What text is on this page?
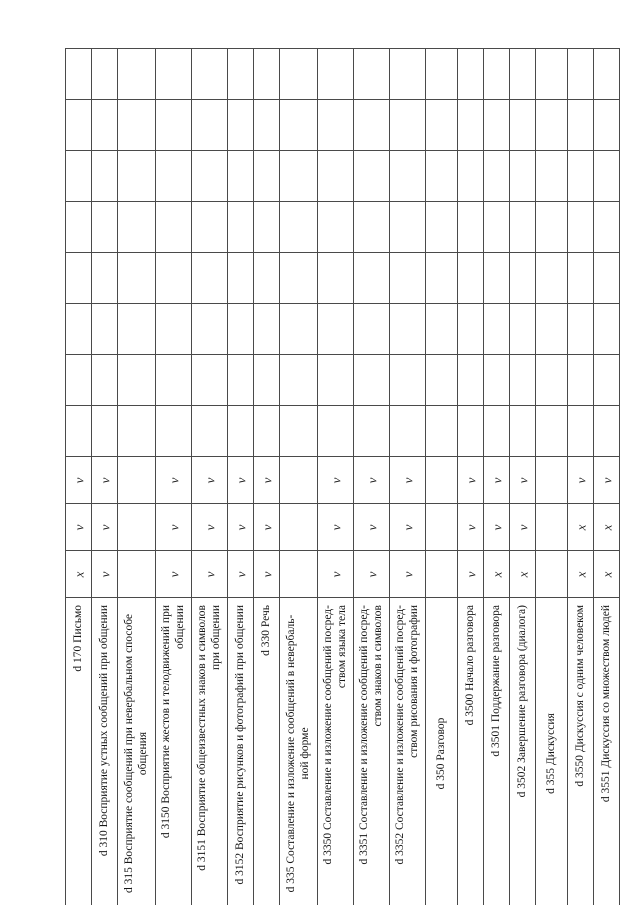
v
v
х
d 170 Письмо
v
v
v
d 310 Восприятие устных сообщений при общении d 315 Восприятие сообщений при невербальном способе общения
v
v
v
d 3150 Восприятие жестов и телодвижений при общении
v
v
v
d 3151 Восприятие общеизвестных знаков и символов при общении
v
v
v
d 3152 Восприятие рисунков и фотографий при общении
v
v
v
d 330 Речь d 335 Составление и изложение сообщений в невербаль- ной форме
v
v
v
d 3350 Составление и изложение сообщений посред- ством языка тела
v
v
v
d 3351 Составление и изложение сообщений посред- ством знаков и символов
v
v
v
d 3352 Составление и изложение сообщений посред- ством рисования и фотографии d 350 Разговор
v
v
v
d 3500 Начало разговора
v
v
х
d 3501 Поддержание разговора
v
v
х
d 3502 Завершение разговора (диалога) d 355 Дискуссия
v
х
х
d 3550 Дискуссия с одним человеком
v
х
х
d 3551 Дискуссия со множеством людей
